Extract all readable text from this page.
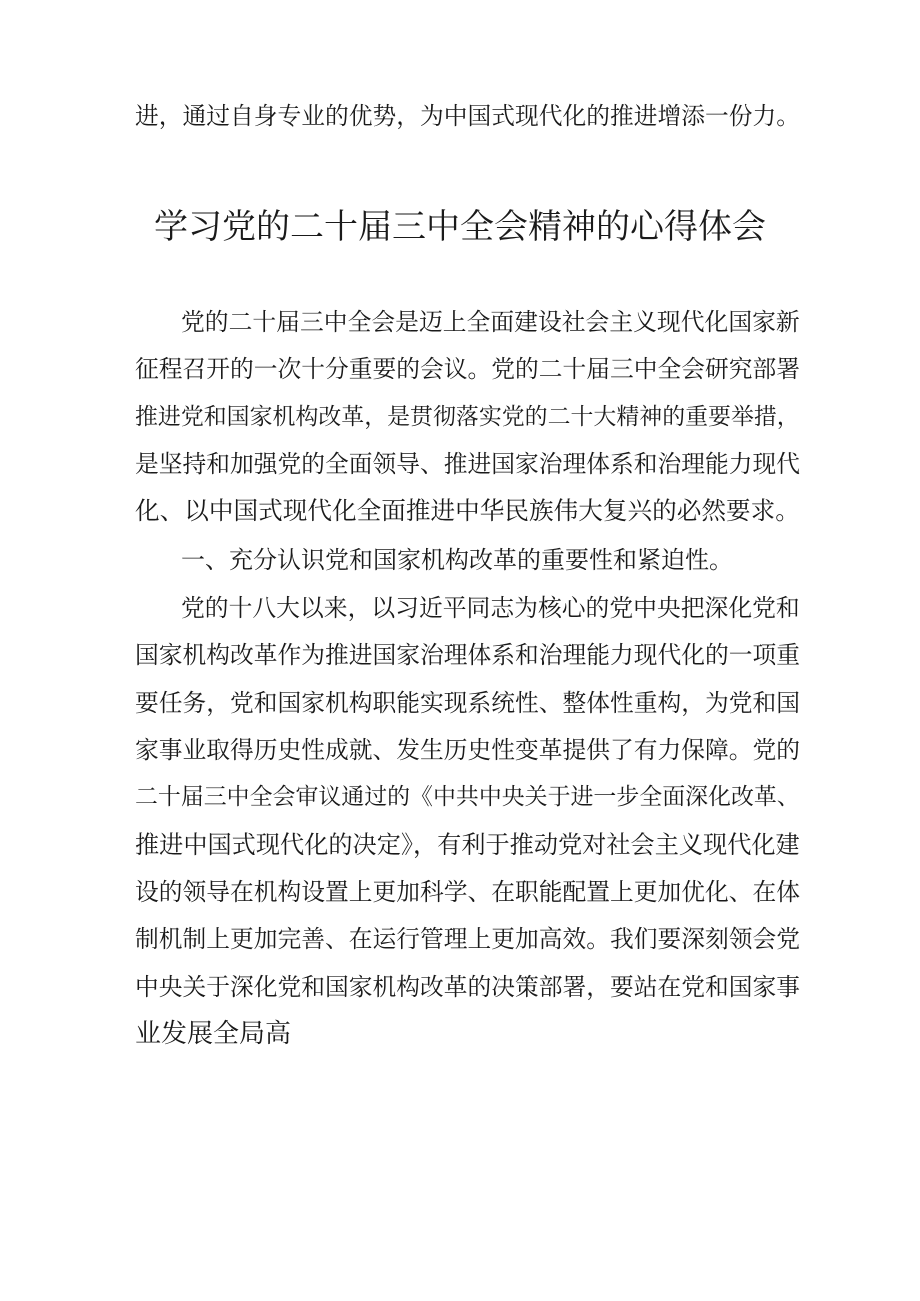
进，通过自身专业的优势，为中国式现代化的推进增添一份力。
学习党的二十届三中全会精神的心得体会
党的二十届三中全会是迈上全面建设社会主义现代化国家新
征程召开的一次十分重要的会议。党的二十届三中全会研究部署
推进党和国家机构改革，是贯彻落实党的二十大精神的重要举措，
是坚持和加强党的全面领导、推进国家治理体系和治理能力现代
化、以中国式现代化全面推进中华民族伟大复兴的必然要求。
一、充分认识党和国家机构改革的重要性和紧迫性。
党的十八大以来，以习近平同志为核心的党中央把深化党和
国家机构改革作为推进国家治理体系和治理能力现代化的一项重
要任务，党和国家机构职能实现系统性、整体性重构，为党和国
家事业取得历史性成就、发生历史性变革提供了有力保障。党的
二十届三中全会审议通过的《中共中央关于进一步全面深化改革、
推进中国式现代化的决定》，有利于推动党对社会主义现代化建
设的领导在机构设置上更加科学、在职能配置上更加优化、在体
制机制上更加完善、在运行管理上更加高效。我们要深刻领会党
中央关于深化党和国家机构改革的决策部署，要站在党和国家事
业发展全局高
